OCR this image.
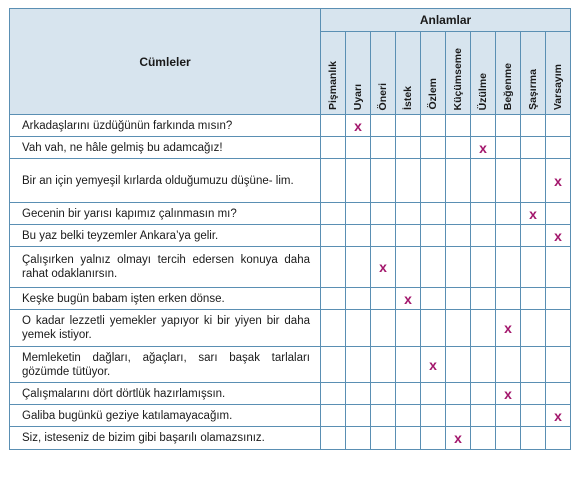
Cümleler	Anlamlar									

	Pişmanlık	Uyarı	Öneri	İstek	Özlem	Küçümseme	Üzülme	Beğenme	Şaşırma	Varsayım

Arkadaşlarını üzdüğünün farkında mısın?		x								
Vah vah, ne hâle gelmiş bu adamcağız!							x			
Bir an için yemyeşil kırlarda olduğumuzu düşüne- lim.										x
Gecenin bir yarısı kapımız çalınmasın mı?									x	
Bu yaz belki teyzemler Ankara’ya gelir.										x
Çalışırken yalnız olmayı tercih edersen konuya daha rahat odaklanırsın.			x							
Keşke bugün babam işten erken dönse.				x						
O kadar lezzetli yemekler yapıyor ki bir yiyen bir daha yemek istiyor.								x		
Memleketin dağları, ağaçları, sarı başak tarlaları gözümde tütüyor.					x					
Çalışmalarını dört dörtlük hazırlamışsın.								x		
Galiba bugünkü geziye katılamayacağım.										x
Siz, isteseniz de bizim gibi başarılı olamazsınız.						x				
